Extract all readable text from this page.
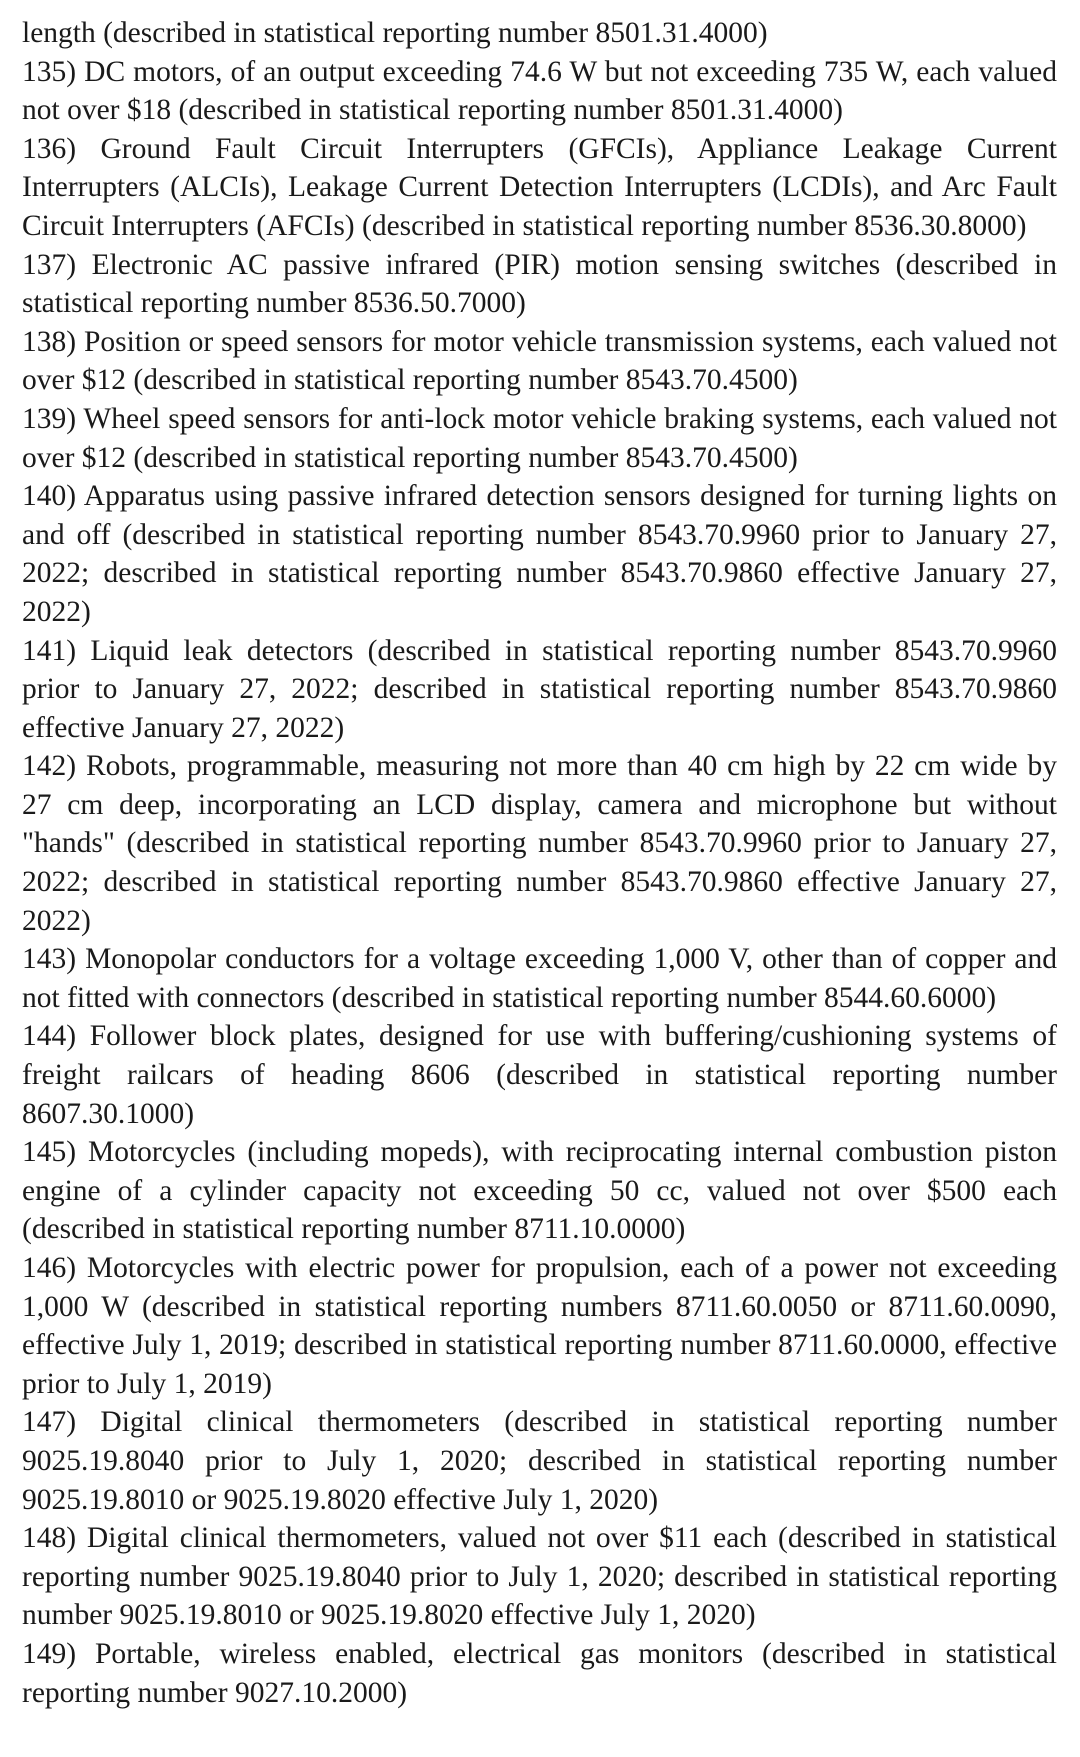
length (described in statistical reporting number 8501.31.4000)

135) DC motors, of an output exceeding 74.6 W but not exceeding 735 W, each valued not over $18 (described in statistical reporting number 8501.31.4000)

136) Ground Fault Circuit Interrupters (GFCIs), Appliance Leakage Current Interrupters (ALCIs), Leakage Current Detection Interrupters (LCDIs), and Arc Fault Circuit Interrupters (AFCIs) (described in statistical reporting number 8536.30.8000)

137) Electronic AC passive infrared (PIR) motion sensing switches (described in statistical reporting number 8536.50.7000)

138) Position or speed sensors for motor vehicle transmission systems, each valued not over $12 (described in statistical reporting number 8543.70.4500)

139) Wheel speed sensors for anti-lock motor vehicle braking systems, each valued not over $12 (described in statistical reporting number 8543.70.4500)

140) Apparatus using passive infrared detection sensors designed for turning lights on and off (described in statistical reporting number 8543.70.9960 prior to January 27, 2022; described in statistical reporting number 8543.70.9860 effective January 27, 2022)

141) Liquid leak detectors (described in statistical reporting number 8543.70.9960 prior to January 27, 2022; described in statistical reporting number 8543.70.9860 effective January 27, 2022)

142) Robots, programmable, measuring not more than 40 cm high by 22 cm wide by 27 cm deep, incorporating an LCD display, camera and microphone but without "hands" (described in statistical reporting number 8543.70.9960 prior to January 27, 2022; described in statistical reporting number 8543.70.9860 effective January 27, 2022)

143) Monopolar conductors for a voltage exceeding 1,000 V, other than of copper and not fitted with connectors (described in statistical reporting number 8544.60.6000)

144) Follower block plates, designed for use with buffering/cushioning systems of freight railcars of heading 8606 (described in statistical reporting number 8607.30.1000)

145) Motorcycles (including mopeds), with reciprocating internal combustion piston engine of a cylinder capacity not exceeding 50 cc, valued not over $500 each (described in statistical reporting number 8711.10.0000)

146) Motorcycles with electric power for propulsion, each of a power not exceeding 1,000 W (described in statistical reporting numbers 8711.60.0050 or 8711.60.0090, effective July 1, 2019; described in statistical reporting number 8711.60.0000, effective prior to July 1, 2019)

147) Digital clinical thermometers (described in statistical reporting number 9025.19.8040 prior to July 1, 2020; described in statistical reporting number 9025.19.8010 or 9025.19.8020 effective July 1, 2020)

148) Digital clinical thermometers, valued not over $11 each (described in statistical reporting number 9025.19.8040 prior to July 1, 2020; described in statistical reporting number 9025.19.8010 or 9025.19.8020 effective July 1, 2020)

149) Portable, wireless enabled, electrical gas monitors (described in statistical reporting number 9027.10.2000)
